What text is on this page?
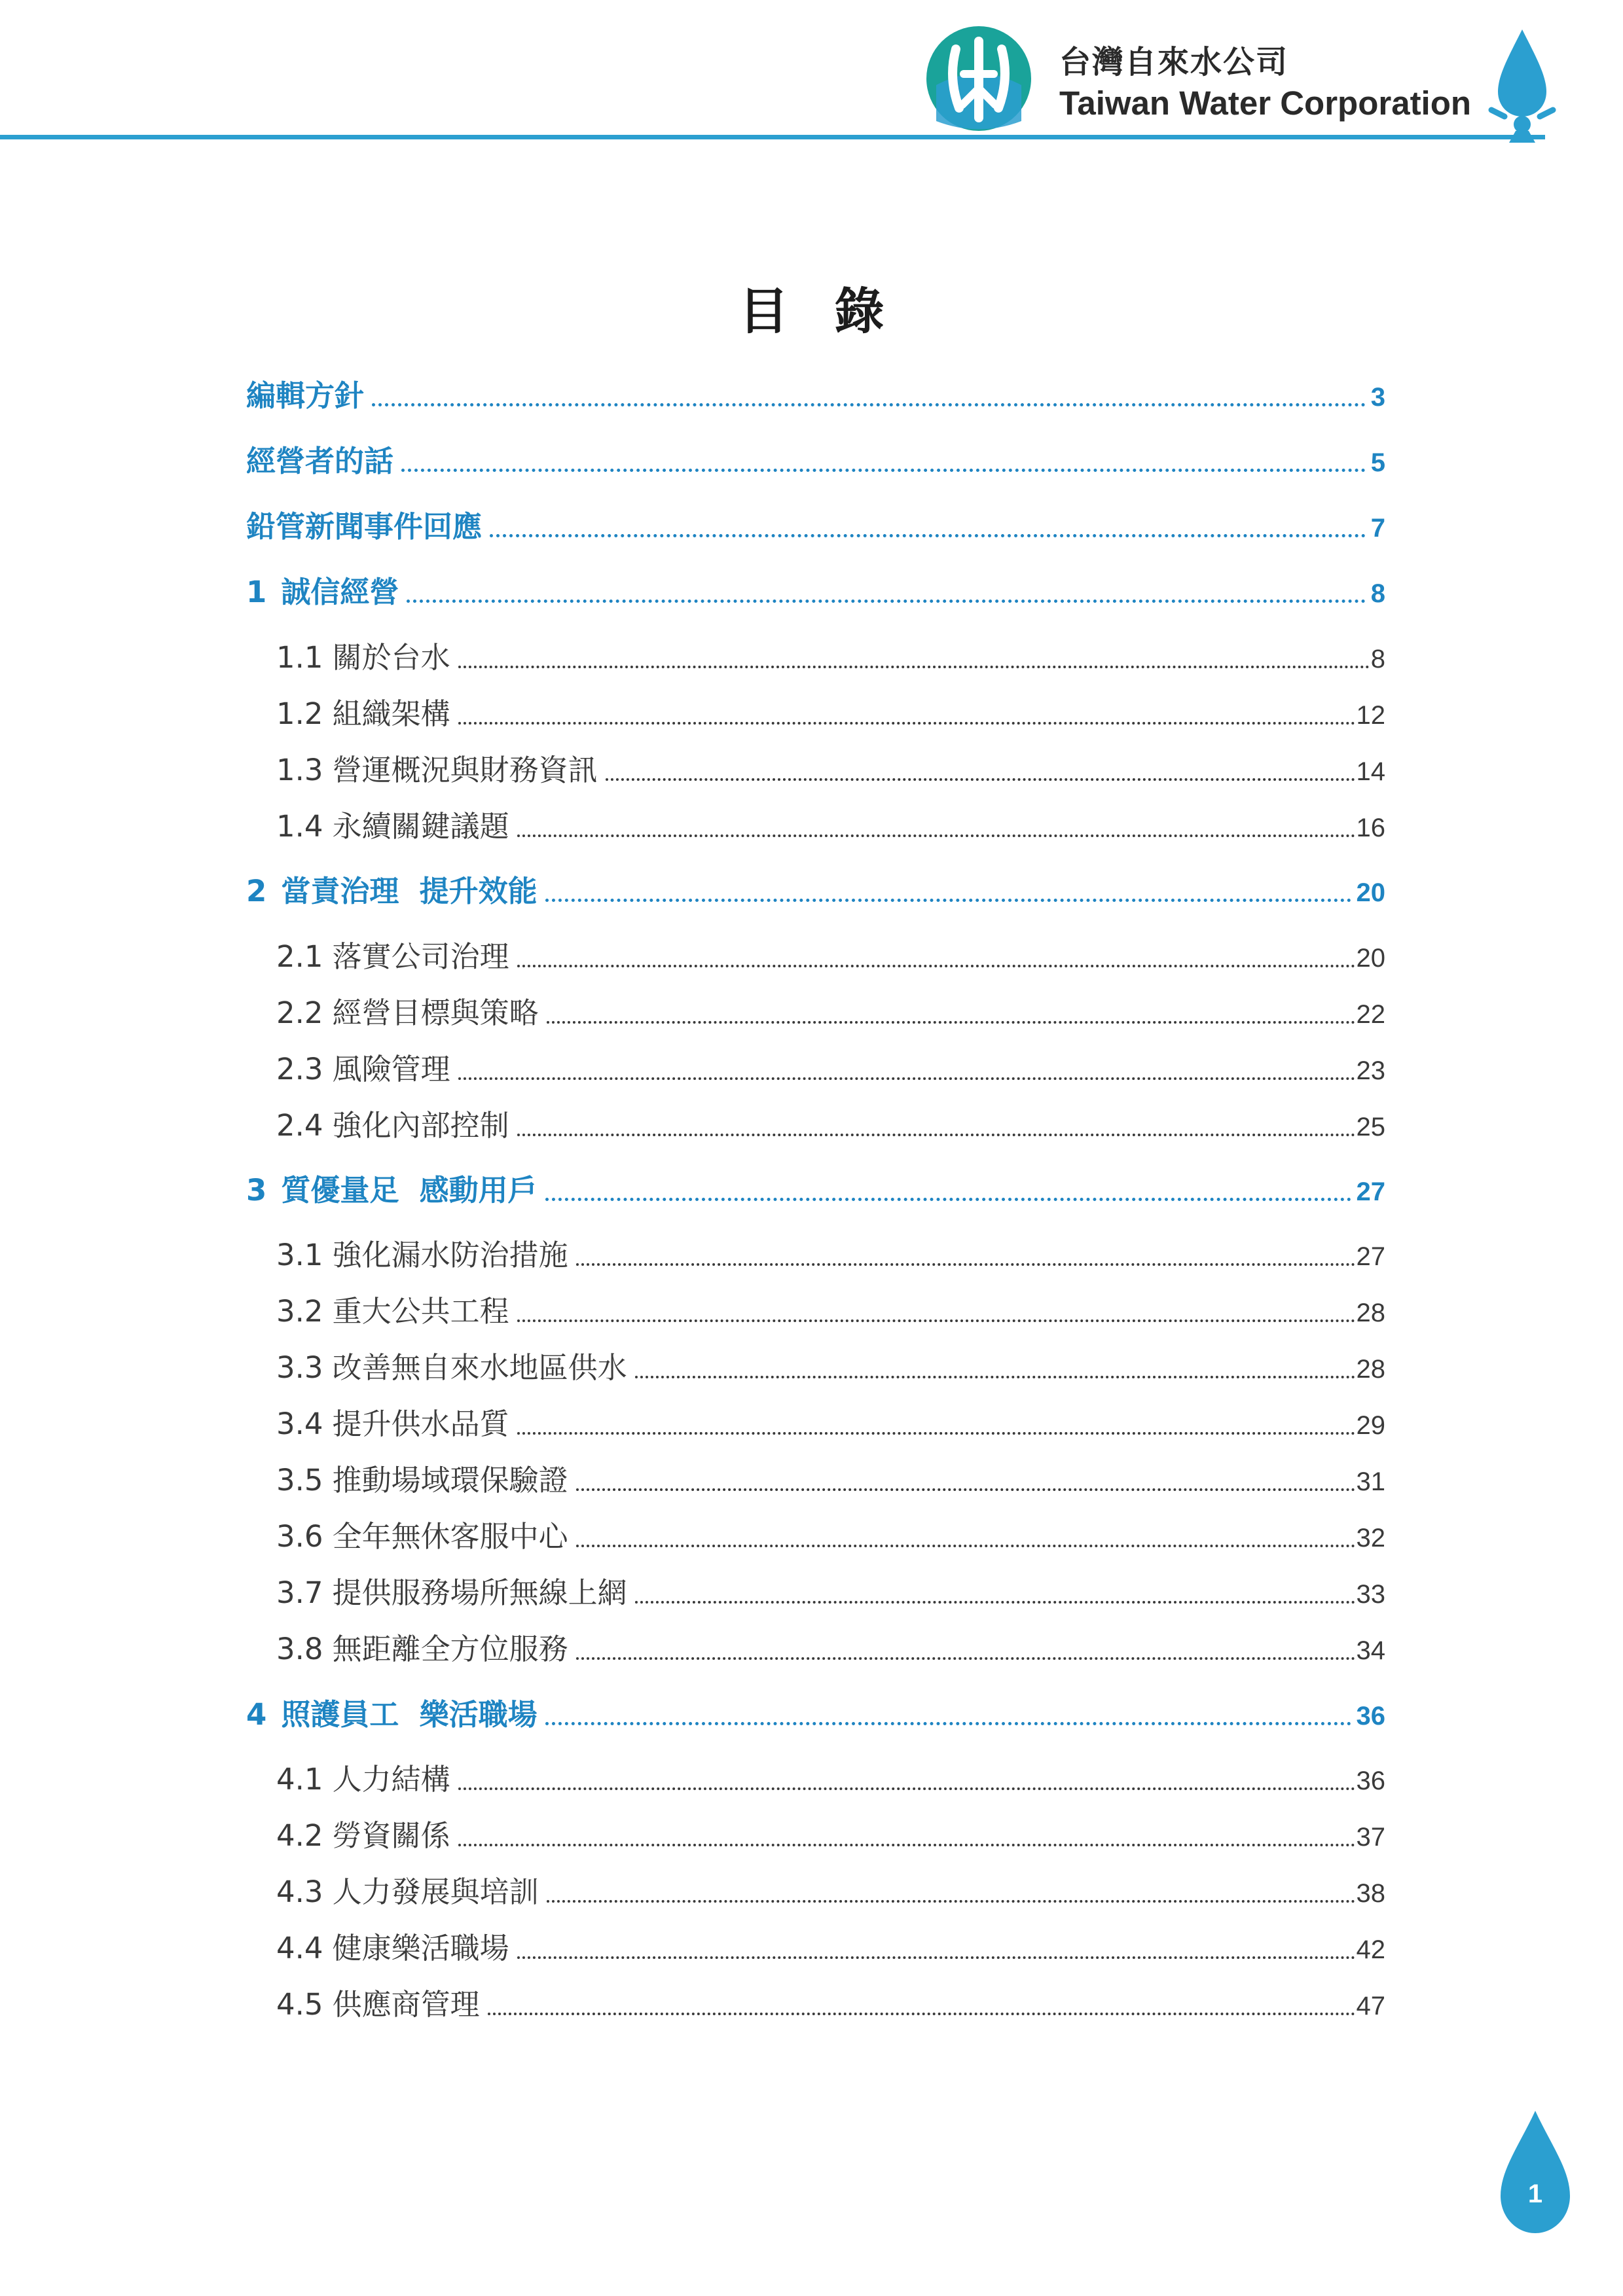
台灣自來水公司
Taiwan Water Corporation
目錄
編輯方針	3
經營者的話	5
鉛管新聞事件回應	7
1 誠信經營	8
1.1 關於台水	8
1.2 組織架構	12
1.3 營運概況與財務資訊	14
1.4 永續關鍵議題	16
2 當責治理  提升效能	20
2.1 落實公司治理	20
2.2 經營目標與策略	22
2.3 風險管理	23
2.4 強化內部控制	25
3 質優量足  感動用戶	27
3.1 強化漏水防治措施	27
3.2 重大公共工程	28
3.3 改善無自來水地區供水	28
3.4 提升供水品質	29
3.5 推動場域環保驗證	31
3.6 全年無休客服中心	32
3.7 提供服務場所無線上網	33
3.8 無距離全方位服務	34
4 照護員工  樂活職場	36
4.1 人力結構	36
4.2 勞資關係	37
4.3 人力發展與培訓	38
4.4 健康樂活職場	42
4.5 供應商管理	47
1
